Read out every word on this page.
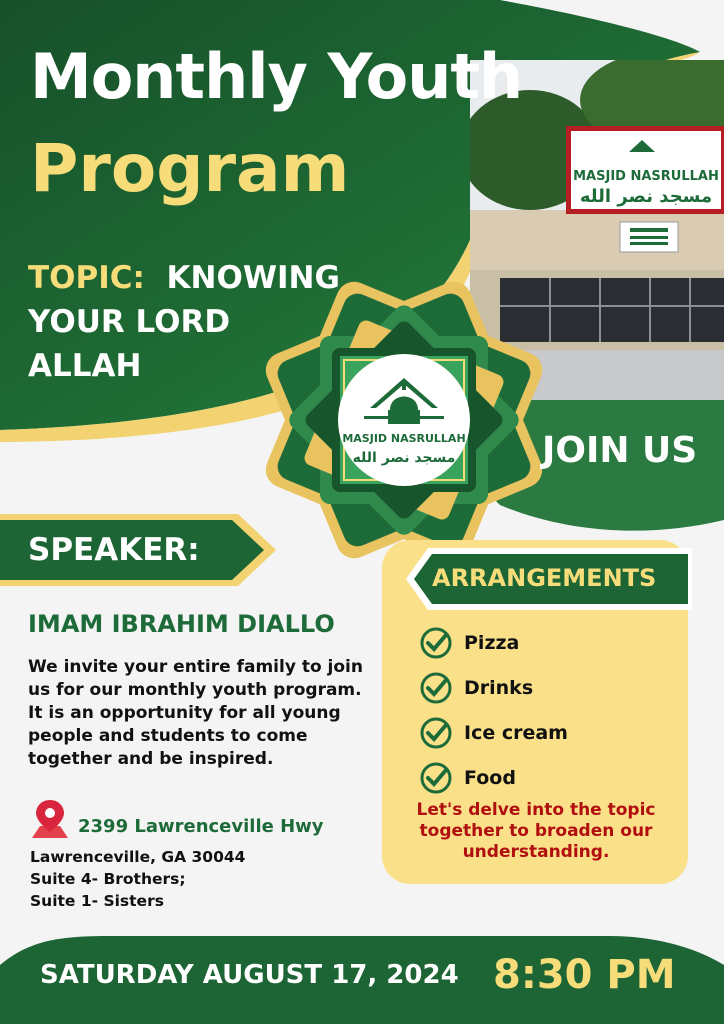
MASJID NASRULLAH
مسجد نصر الله
MASJID NASRULLAH
مسجد نصر الله
Monthly Youth
Program
TOPIC: KNOWING
YOUR LORD
ALLAH
JOIN US
SPEAKER:
IMAM IBRAHIM DIALLO
We invite your entire family to join us for our monthly youth program. It is an opportunity for all young people and students to come together and be inspired.
2399 Lawrenceville Hwy
Lawrenceville, GA 30044
Suite 4- Brothers;
Suite 1- Sisters
ARRANGEMENTS
Pizza
Drinks
Ice cream
Food
Let's delve into the topic together to broaden our understanding.
SATURDAY AUGUST 17, 2024 8:30 PM
